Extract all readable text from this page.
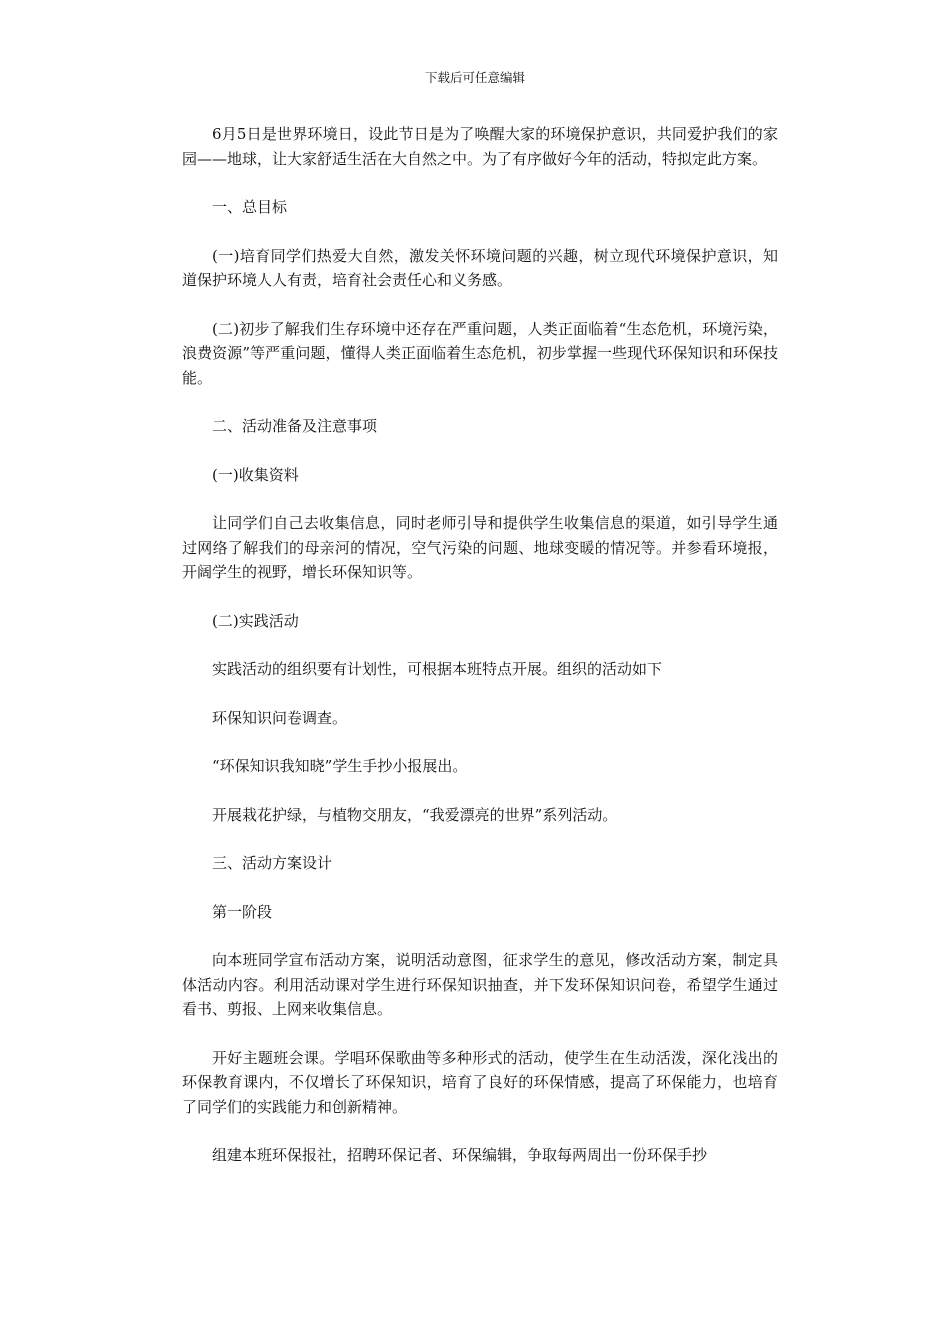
下载后可任意编辑

6月5日是世界环境日，设此节日是为了唤醒大家的环境保护意识，共同爱护我们的家园——地球，让大家舒适生活在大自然之中。为了有序做好今年的活动，特拟定此方案。

一、总目标

(一)培育同学们热爱大自然，激发关怀环境问题的兴趣，树立现代环境保护意识，知道保护环境人人有责，培育社会责任心和义务感。

(二)初步了解我们生存环境中还存在严重问题，人类正面临着“生态危机，环境污染，浪费资源”等严重问题，懂得人类正面临着生态危机，初步掌握一些现代环保知识和环保技能。

二、活动准备及注意事项

(一)收集资料

让同学们自己去收集信息，同时老师引导和提供学生收集信息的渠道，如引导学生通过网络了解我们的母亲河的情况，空气污染的问题、地球变暖的情况等。并参看环境报，开阔学生的视野，增长环保知识等。

(二)实践活动

实践活动的组织要有计划性，可根据本班特点开展。组织的活动如下

环保知识问卷调查。

“环保知识我知晓”学生手抄小报展出。

开展栽花护绿，与植物交朋友，“我爱漂亮的世界”系列活动。

三、活动方案设计

第一阶段

向本班同学宣布活动方案，说明活动意图，征求学生的意见，修改活动方案，制定具体活动内容。利用活动课对学生进行环保知识抽查，并下发环保知识问卷，希望学生通过看书、剪报、上网来收集信息。

开好主题班会课。学唱环保歌曲等多种形式的活动，使学生在生动活泼，深化浅出的环保教育课内，不仅增长了环保知识，培育了良好的环保情感，提高了环保能力，也培育了同学们的实践能力和创新精神。

组建本班环保报社，招聘环保记者、环保编辑，争取每两周出一份环保手抄
